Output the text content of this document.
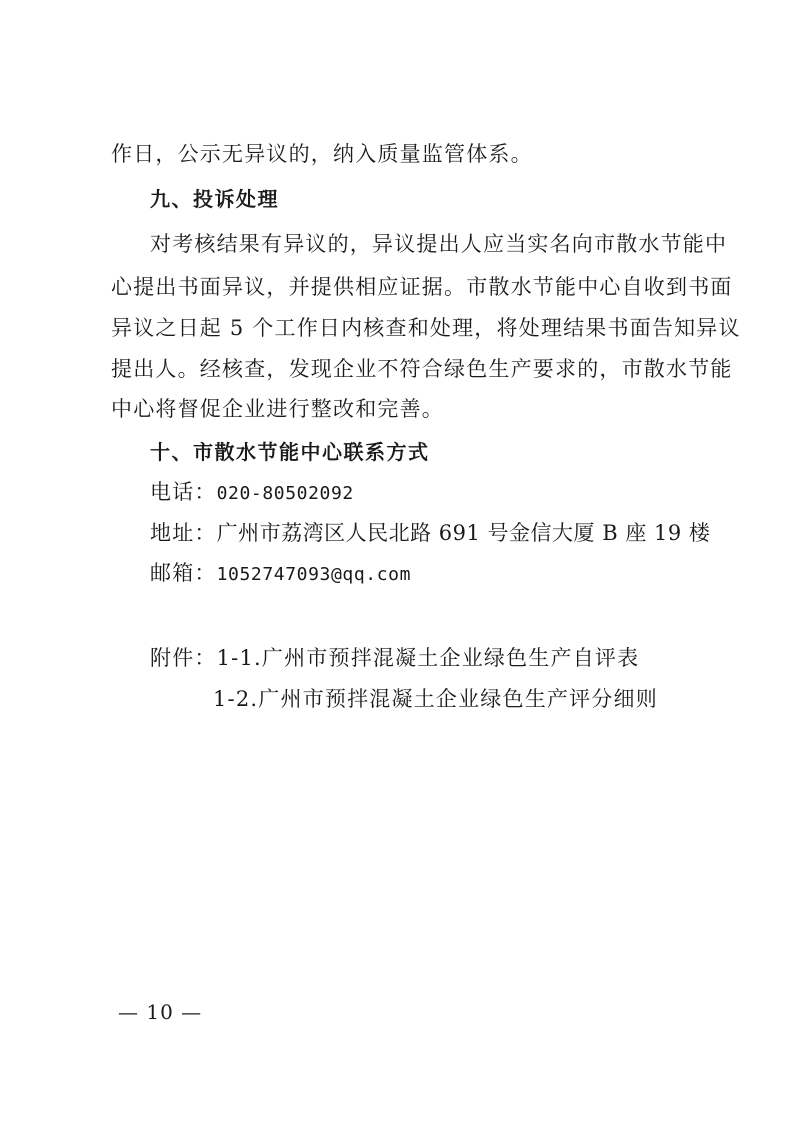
作日，公示无异议的，纳入质量监管体系。
九、投诉处理
对考核结果有异议的，异议提出人应当实名向市散水节能中
心提出书面异议，并提供相应证据。市散水节能中心自收到书面
异议之日起 5 个工作日内核查和处理，将处理结果书面告知异议
提出人。经核查，发现企业不符合绿色生产要求的，市散水节能
中心将督促企业进行整改和完善。
十、市散水节能中心联系方式
电话：020-80502092
地址：广州市荔湾区人民北路 691 号金信大厦 B 座 19 楼
邮箱：1052747093@qq.com
附件：1-1.广州市预拌混凝土企业绿色生产自评表
1-2.广州市预拌混凝土企业绿色生产评分细则
— 10 —
